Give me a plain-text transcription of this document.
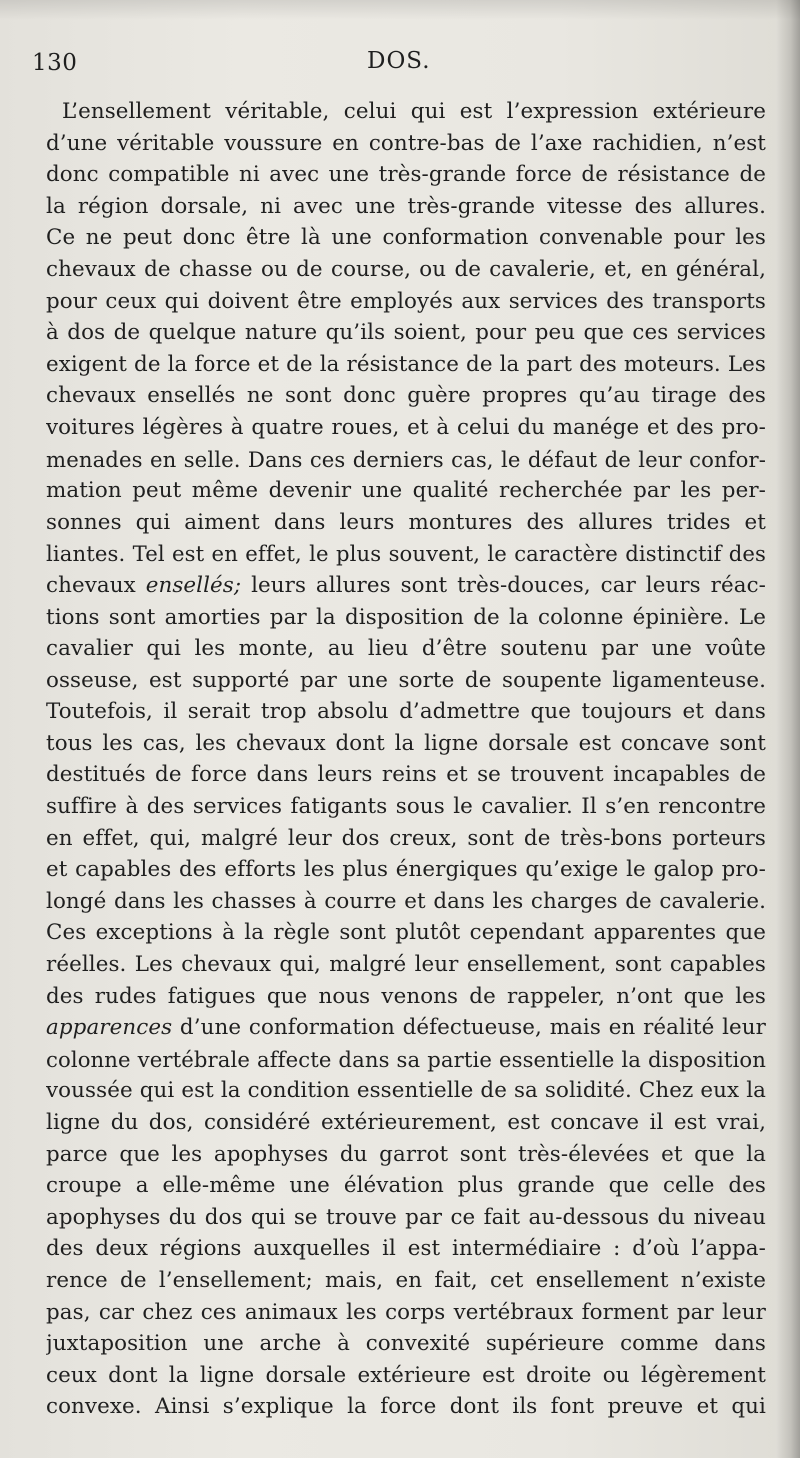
130	DOS.
L’ensellement véritable, celui qui est l’expression extérieure
d’une véritable voussure en contre-bas de l’axe rachidien, n’est
donc compatible ni avec une très-grande force de résistance de
la région dorsale, ni avec une très-grande vitesse des allures.
Ce ne peut donc être là une conformation convenable pour les
chevaux de chasse ou de course, ou de cavalerie, et, en général,
pour ceux qui doivent être employés aux services des transports
à dos de quelque nature qu’ils soient, pour peu que ces services
exigent de la force et de la résistance de la part des moteurs. Les
chevaux ensellés ne sont donc guère propres qu’au tirage des
voitures légères à quatre roues, et à celui du manége et des pro-
menades en selle. Dans ces derniers cas, le défaut de leur confor-
mation peut même devenir une qualité recherchée par les per-
sonnes qui aiment dans leurs montures des allures trides et
liantes. Tel est en effet, le plus souvent, le caractère distinctif des
chevaux ensellés; leurs allures sont très-douces, car leurs réac-
tions sont amorties par la disposition de la colonne épinière. Le
cavalier qui les monte, au lieu d’être soutenu par une voûte
osseuse, est supporté par une sorte de soupente ligamenteuse.
Toutefois, il serait trop absolu d’admettre que toujours et dans
tous les cas, les chevaux dont la ligne dorsale est concave sont
destitués de force dans leurs reins et se trouvent incapables de
suffire à des services fatigants sous le cavalier. Il s’en rencontre
en effet, qui, malgré leur dos creux, sont de très-bons porteurs
et capables des efforts les plus énergiques qu’exige le galop pro-
longé dans les chasses à courre et dans les charges de cavalerie.
Ces exceptions à la règle sont plutôt cependant apparentes que
réelles. Les chevaux qui, malgré leur ensellement, sont capables
des rudes fatigues que nous venons de rappeler, n’ont que les
apparences d’une conformation défectueuse, mais en réalité leur
colonne vertébrale affecte dans sa partie essentielle la disposition
voussée qui est la condition essentielle de sa solidité. Chez eux la
ligne du dos, considéré extérieurement, est concave il est vrai,
parce que les apophyses du garrot sont très-élevées et que la
croupe a elle-même une élévation plus grande que celle des
apophyses du dos qui se trouve par ce fait au-dessous du niveau
des deux régions auxquelles il est intermédiaire : d’où l’appa-
rence de l’ensellement; mais, en fait, cet ensellement n’existe
pas, car chez ces animaux les corps vertébraux forment par leur
juxtaposition une arche à convexité supérieure comme dans
ceux dont la ligne dorsale extérieure est droite ou légèrement
convexe. Ainsi s’explique la force dont ils font preuve et qui
